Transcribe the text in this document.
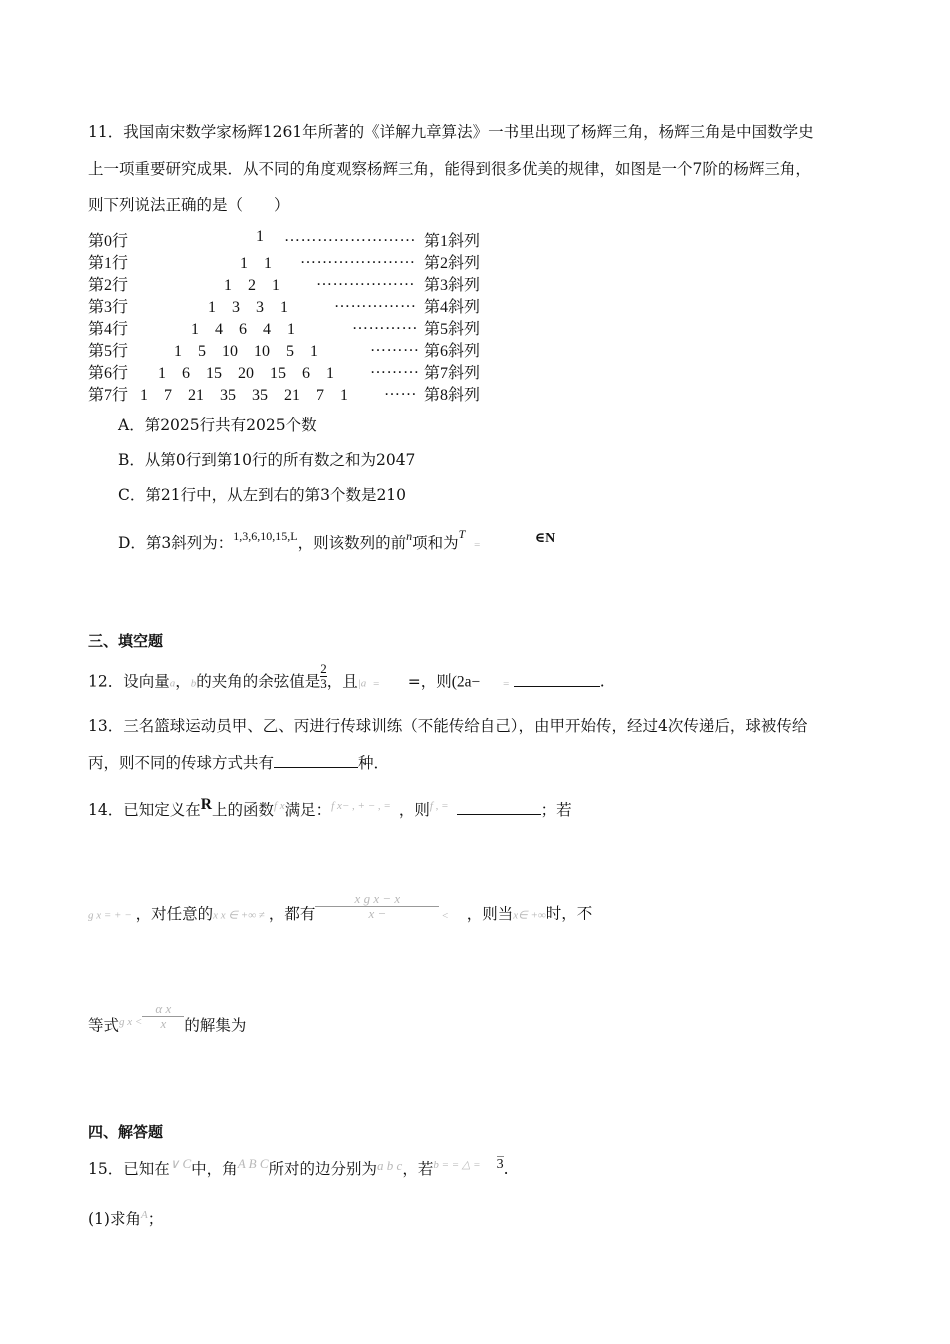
11．我国南宋数学家杨辉1261年所著的《详解九章算法》一书里出现了杨辉三角，杨辉三角是中国数学史
上一项重要研究成果．从不同的角度观察杨辉三角，能得到很多优美的规律，如图是一个7阶的杨辉三角，
则下列说法正确的是（　　）
第0行	1 …………………… 第1斜列
第1行	1　1 ………………… 第2斜列
第2行	1　2　1 ……………… 第3斜列
第3行	1　3　3　1	…………… 第4斜列
第4行	1　4　6　4　1	………… 第5斜列
第5行	1　5　10　10　5　1	……… 第6斜列
第6行 1　6　15　20　15　6　1 ……… 第7斜列
第7行 1　7　21　35　35　21　7　1 …… 第8斜列
A．第2025行共有2025个数
B．从第0行到第10行的所有数之和为2047
C．第21行中，从左到右的第3个数是210
D．第3斜列为：$^{1,3,6,10,15,L}$，则该数列的前$^n$项和为$^T$=	∈N
三、填空题
12．设向量a，b的夹角的余弦值是 $\frac{2}{3}$ ，且|a = =，则(2a− =	.
13．三名篮球运动员甲、乙、丙进行传球训练（不能传给自己），由甲开始传，经过4次传递后，球被传给
丙，则不同的传球方式共有	种．
14．已知定义在R上的函数$^{f x}$满足：$^{f x- , + - , =}$ ，则$^{f , =}$	；若
g x = + − ，对任意的x x ∈ +∞ ≠ ，都有 $\frac{\text{x g x − x}}{x -}$ < ，则当x∈ +∞时，不
等式$^{g x <} \frac{\text{α x}}{x}$ 的解集为
四、解答题
15．已知在$^{\vee C}$中，角$^{A B C}$所对的边分别为$^{a b c}$，若$^{b = = \triangle =}$ 3.
(1)求角$^A$；
